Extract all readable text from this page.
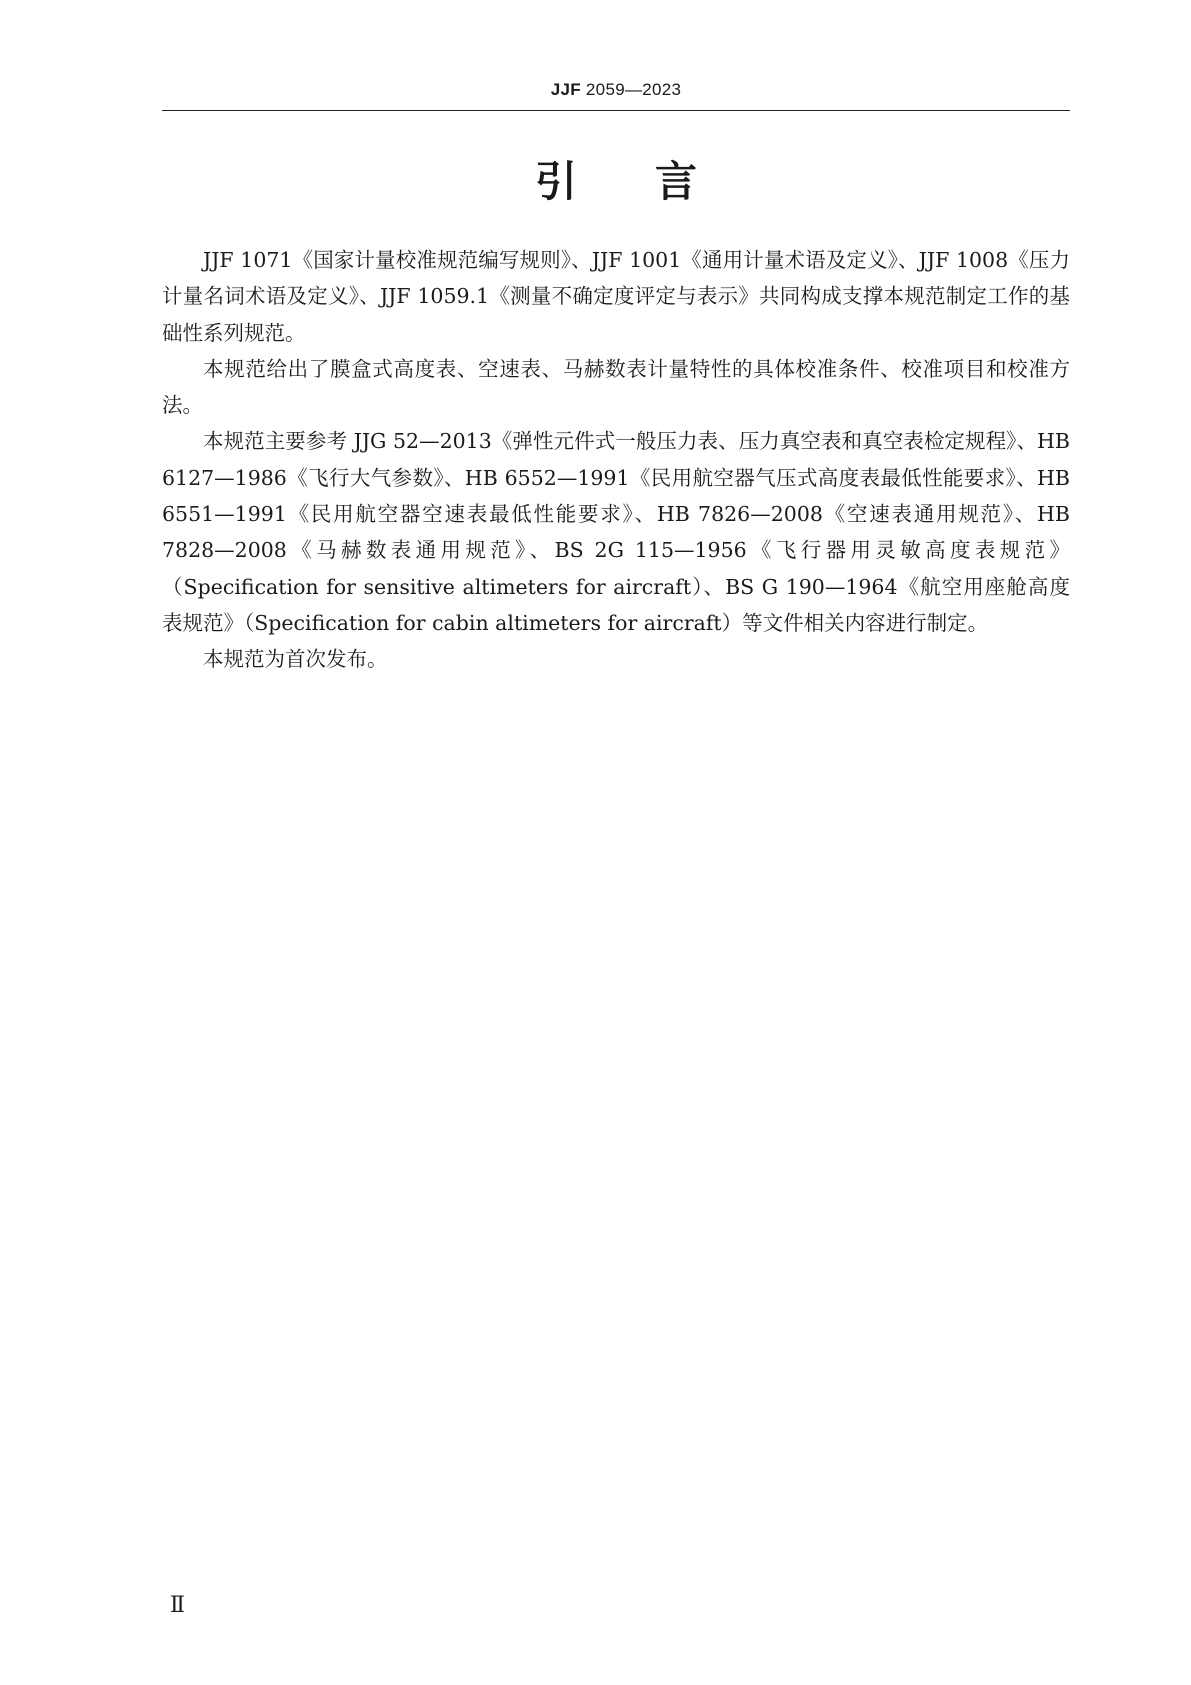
JJF 2059—2023
引言

JJF 1071《国家计量校准规范编写规则》、JJF 1001《通用计量术语及定义》、JJF 1008《压力计量名词术语及定义》、JJF 1059.1《测量不确定度评定与表示》共同构成支撑本规范制定工作的基础性系列规范。

本规范给出了膜盒式高度表、空速表、马赫数表计量特性的具体校准条件、校准项目和校准方法。

本规范主要参考 JJG 52—2013《弹性元件式一般压力表、压力真空表和真空表检定规程》、HB 6127—1986《飞行大气参数》、HB 6552—1991《民用航空器气压式高度表最低性能要求》、HB 6551—1991《民用航空器空速表最低性能要求》、HB 7826—2008《空速表通用规范》、HB 7828—2008《马赫数表通用规范》、BS 2G 115—1956《飞行器用灵敏高度表规范》（Specification for sensitive altimeters for aircraft）、BS G 190—1964《航空用座舱高度表规范》（Specification for cabin altimeters for aircraft）等文件相关内容进行制定。

本规范为首次发布。

Ⅱ
